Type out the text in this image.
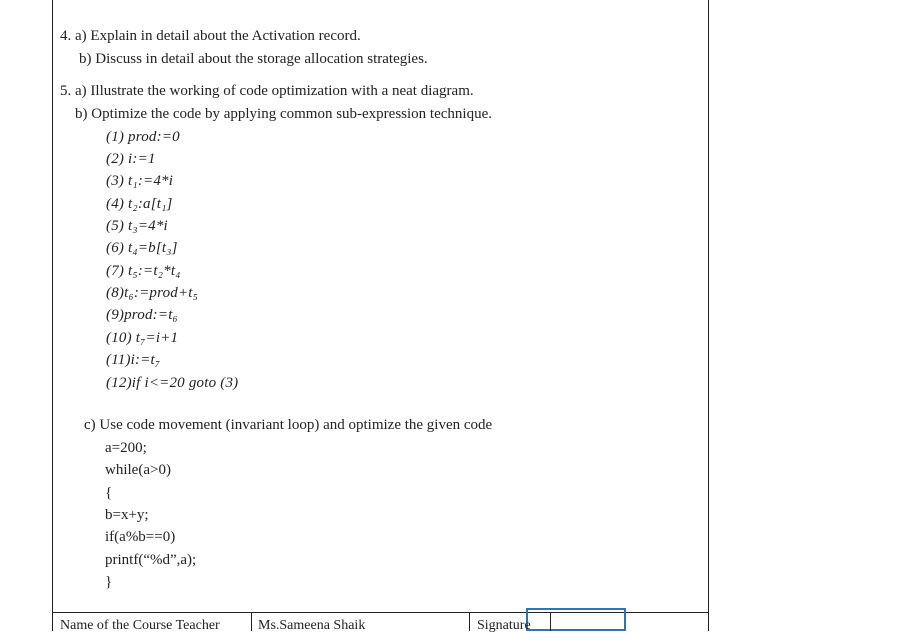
4. a) Explain in detail about the Activation record.
b) Discuss in detail about the storage allocation strategies.
5. a) Illustrate the working of code optimization with a neat diagram.
b) Optimize the code by applying common sub-expression technique.
(1) prod:=0
(2) i:=1
(3) t₁:=4*i
(4) t₂:a[t₁]
(5) t₃=4*i
(6) t₄=b[t₃]
(7) t₅:=t₂*t₄
(8)t₆:=prod+t₅
(9)prod:=t₆
(10) t₇=i+1
(11)i:=t₇
(12)if i<=20 goto (3)
c) Use code movement (invariant loop) and optimize the given code
a=200;
while(a>0)
{
b=x+y;
if(a%b==0)
printf(“%d”,a);
}
Name of the Course Teacher	Ms.Sameena Shaik	Signature
